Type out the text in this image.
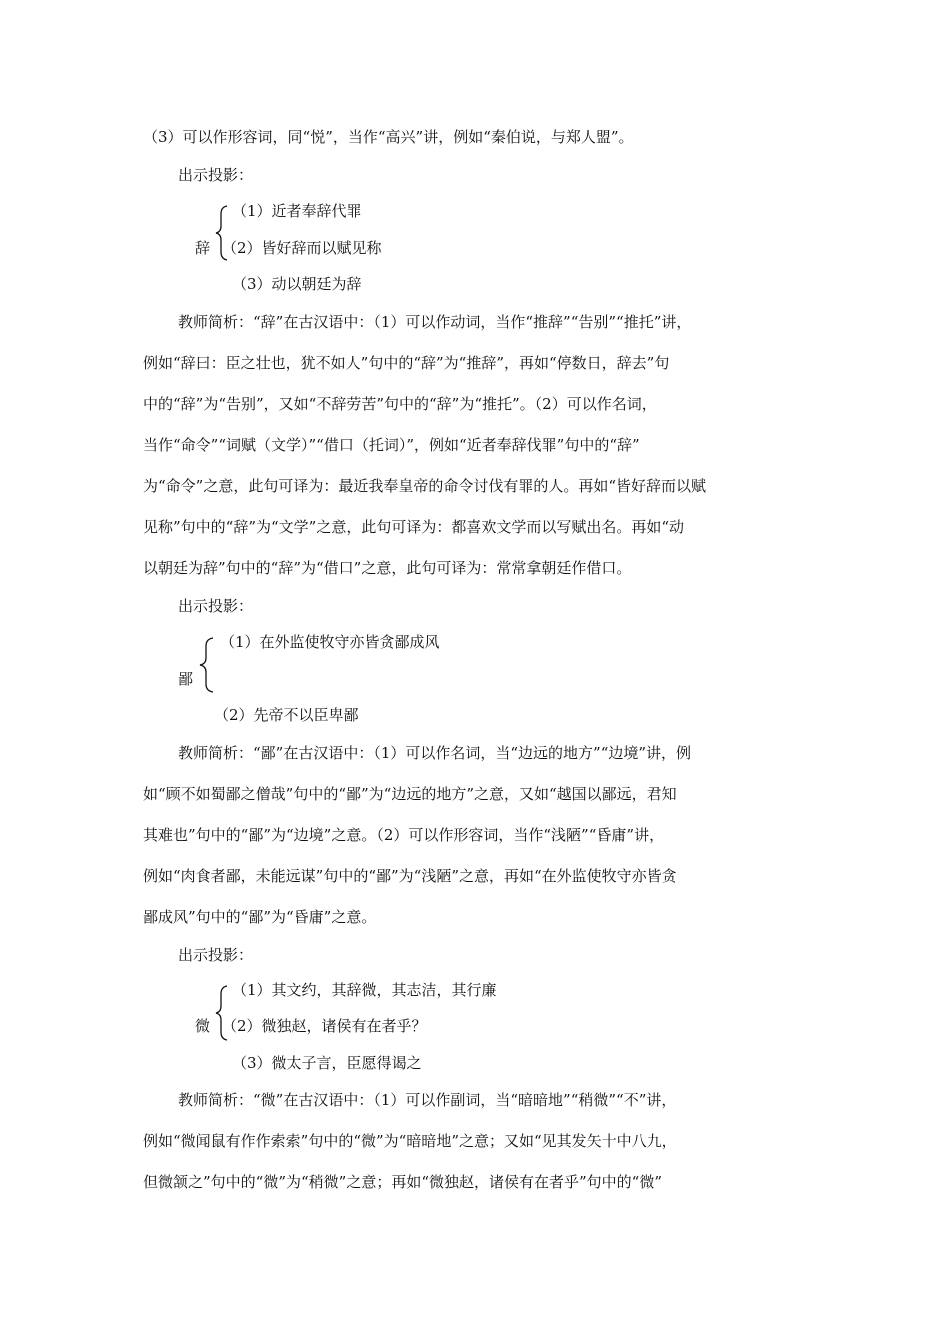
（3）可以作形容词，同“悦”，当作“高兴”讲，例如“秦伯说，与郑人盟”。
出示投影：
（1）近者奉辞代罪
辞 （2）皆好辞而以赋见称
（3）动以朝廷为辞
教师简析：“辞”在古汉语中：（1）可以作动词，当作“推辞”“告别”“推托”讲，
例如“辞曰：臣之壮也，犹不如人”句中的“辞”为“推辞”，再如“停数日，辞去”句
中的“辞”为“告别”，又如“不辞劳苦”句中的“辞”为“推托”。（2）可以作名词，
当作“命令”“词赋（文学）”“借口（托词）”，例如“近者奉辞伐罪”句中的“辞”
为“命令”之意，此句可译为：最近我奉皇帝的命令讨伐有罪的人。再如“皆好辞而以赋
见称”句中的“辞”为“文学”之意，此句可译为：都喜欢文学而以写赋出名。再如“动
以朝廷为辞”句中的“辞”为“借口”之意，此句可译为：常常拿朝廷作借口。
出示投影：
（1）在外监使牧守亦皆贪鄙成风
鄙
（2）先帝不以臣卑鄙
教师简析：“鄙”在古汉语中：（1）可以作名词，当“边远的地方”“边境”讲，例
如“顾不如蜀鄙之僧哉”句中的“鄙”为“边远的地方”之意，又如“越国以鄙远，君知
其难也”句中的“鄙”为“边境”之意。（2）可以作形容词，当作“浅陋”“昏庸”讲，
例如“肉食者鄙，未能远谋”句中的“鄙”为“浅陋”之意，再如“在外监使牧守亦皆贪
鄙成风”句中的“鄙”为“昏庸”之意。
出示投影：
（1）其文约，其辞微，其志洁，其行廉
微 （2）微独赵，诸侯有在者乎？
（3）微太子言，臣愿得谒之
教师简析：“微”在古汉语中：（1）可以作副词，当“暗暗地”“稍微”“不”讲，
例如“微闻鼠有作作索索”句中的“微”为“暗暗地”之意；又如“见其发矢十中八九，
但微颔之”句中的“微”为“稍微”之意；再如“微独赵，诸侯有在者乎”句中的“微”
